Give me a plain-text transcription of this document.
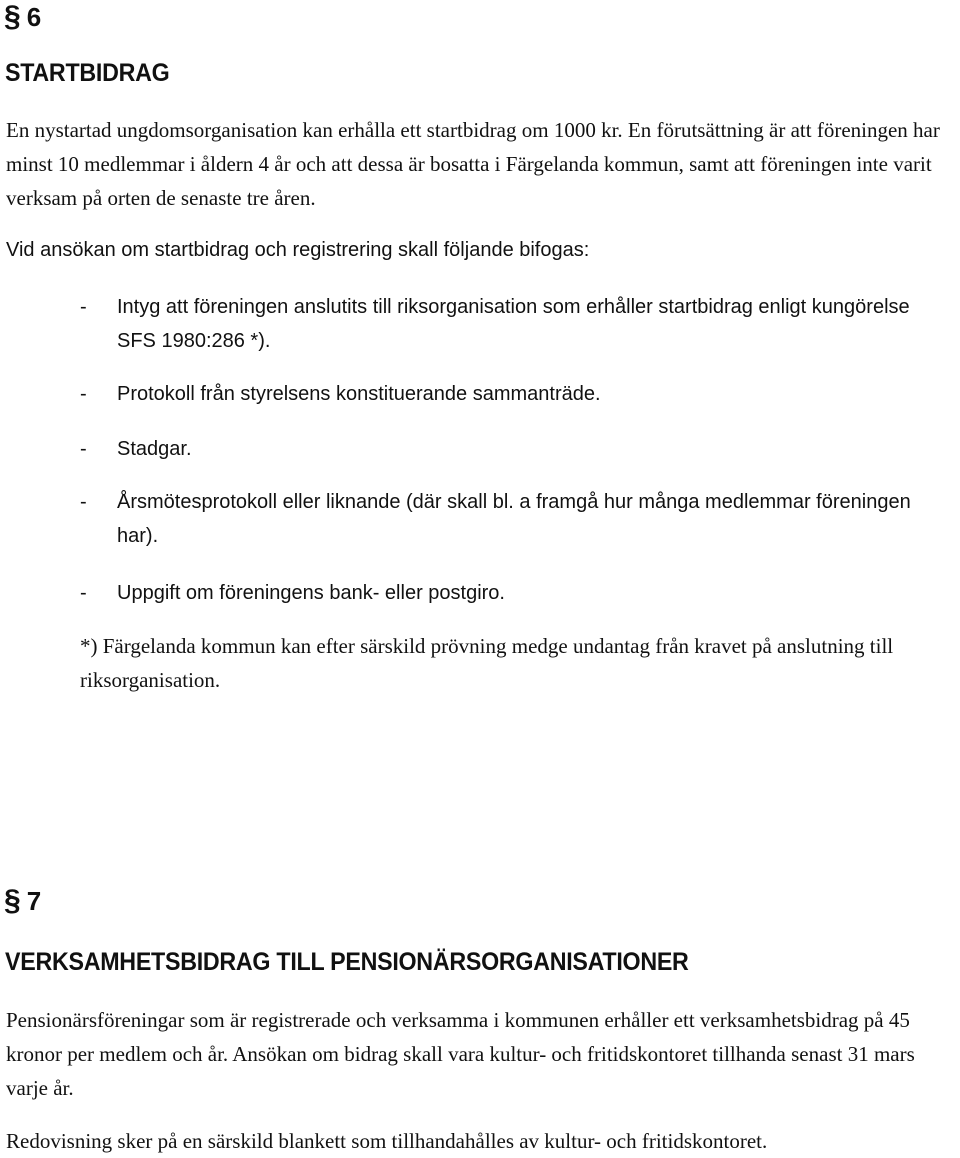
§ 6
STARTBIDRAG
En nystartad ungdomsorganisation kan erhålla ett startbidrag om 1000 kr. En förutsättning är att föreningen har minst 10 medlemmar i åldern 4 år och att dessa är bosatta i Färgelanda kommun, samt att föreningen inte varit verksam på orten de senaste tre åren.
Vid ansökan om startbidrag och registrering skall följande bifogas:
- Intyg att föreningen anslutits till riksorganisation som erhåller startbidrag enligt kungörelse SFS 1980:286 *).
- Protokoll från styrelsens konstituerande sammanträde.
- Stadgar.
- Årsmötesprotokoll eller liknande (där skall bl. a framgå hur många medlemmar föreningen har).
- Uppgift om föreningens bank- eller postgiro.
*) Färgelanda kommun kan efter särskild prövning medge undantag från kravet på anslutning till riksorganisation.
§ 7
VERKSAMHETSBIDRAG TILL PENSIONÄRSORGANISATIONER
Pensionärsföreningar som är registrerade och verksamma i kommunen erhåller ett verksamhetsbidrag på 45 kronor per medlem och år. Ansökan om bidrag skall vara kultur- och fritidskontoret tillhanda senast 31 mars varje år.
Redovisning sker på en särskild blankett som tillhandahålles av kultur- och fritidskontoret.
